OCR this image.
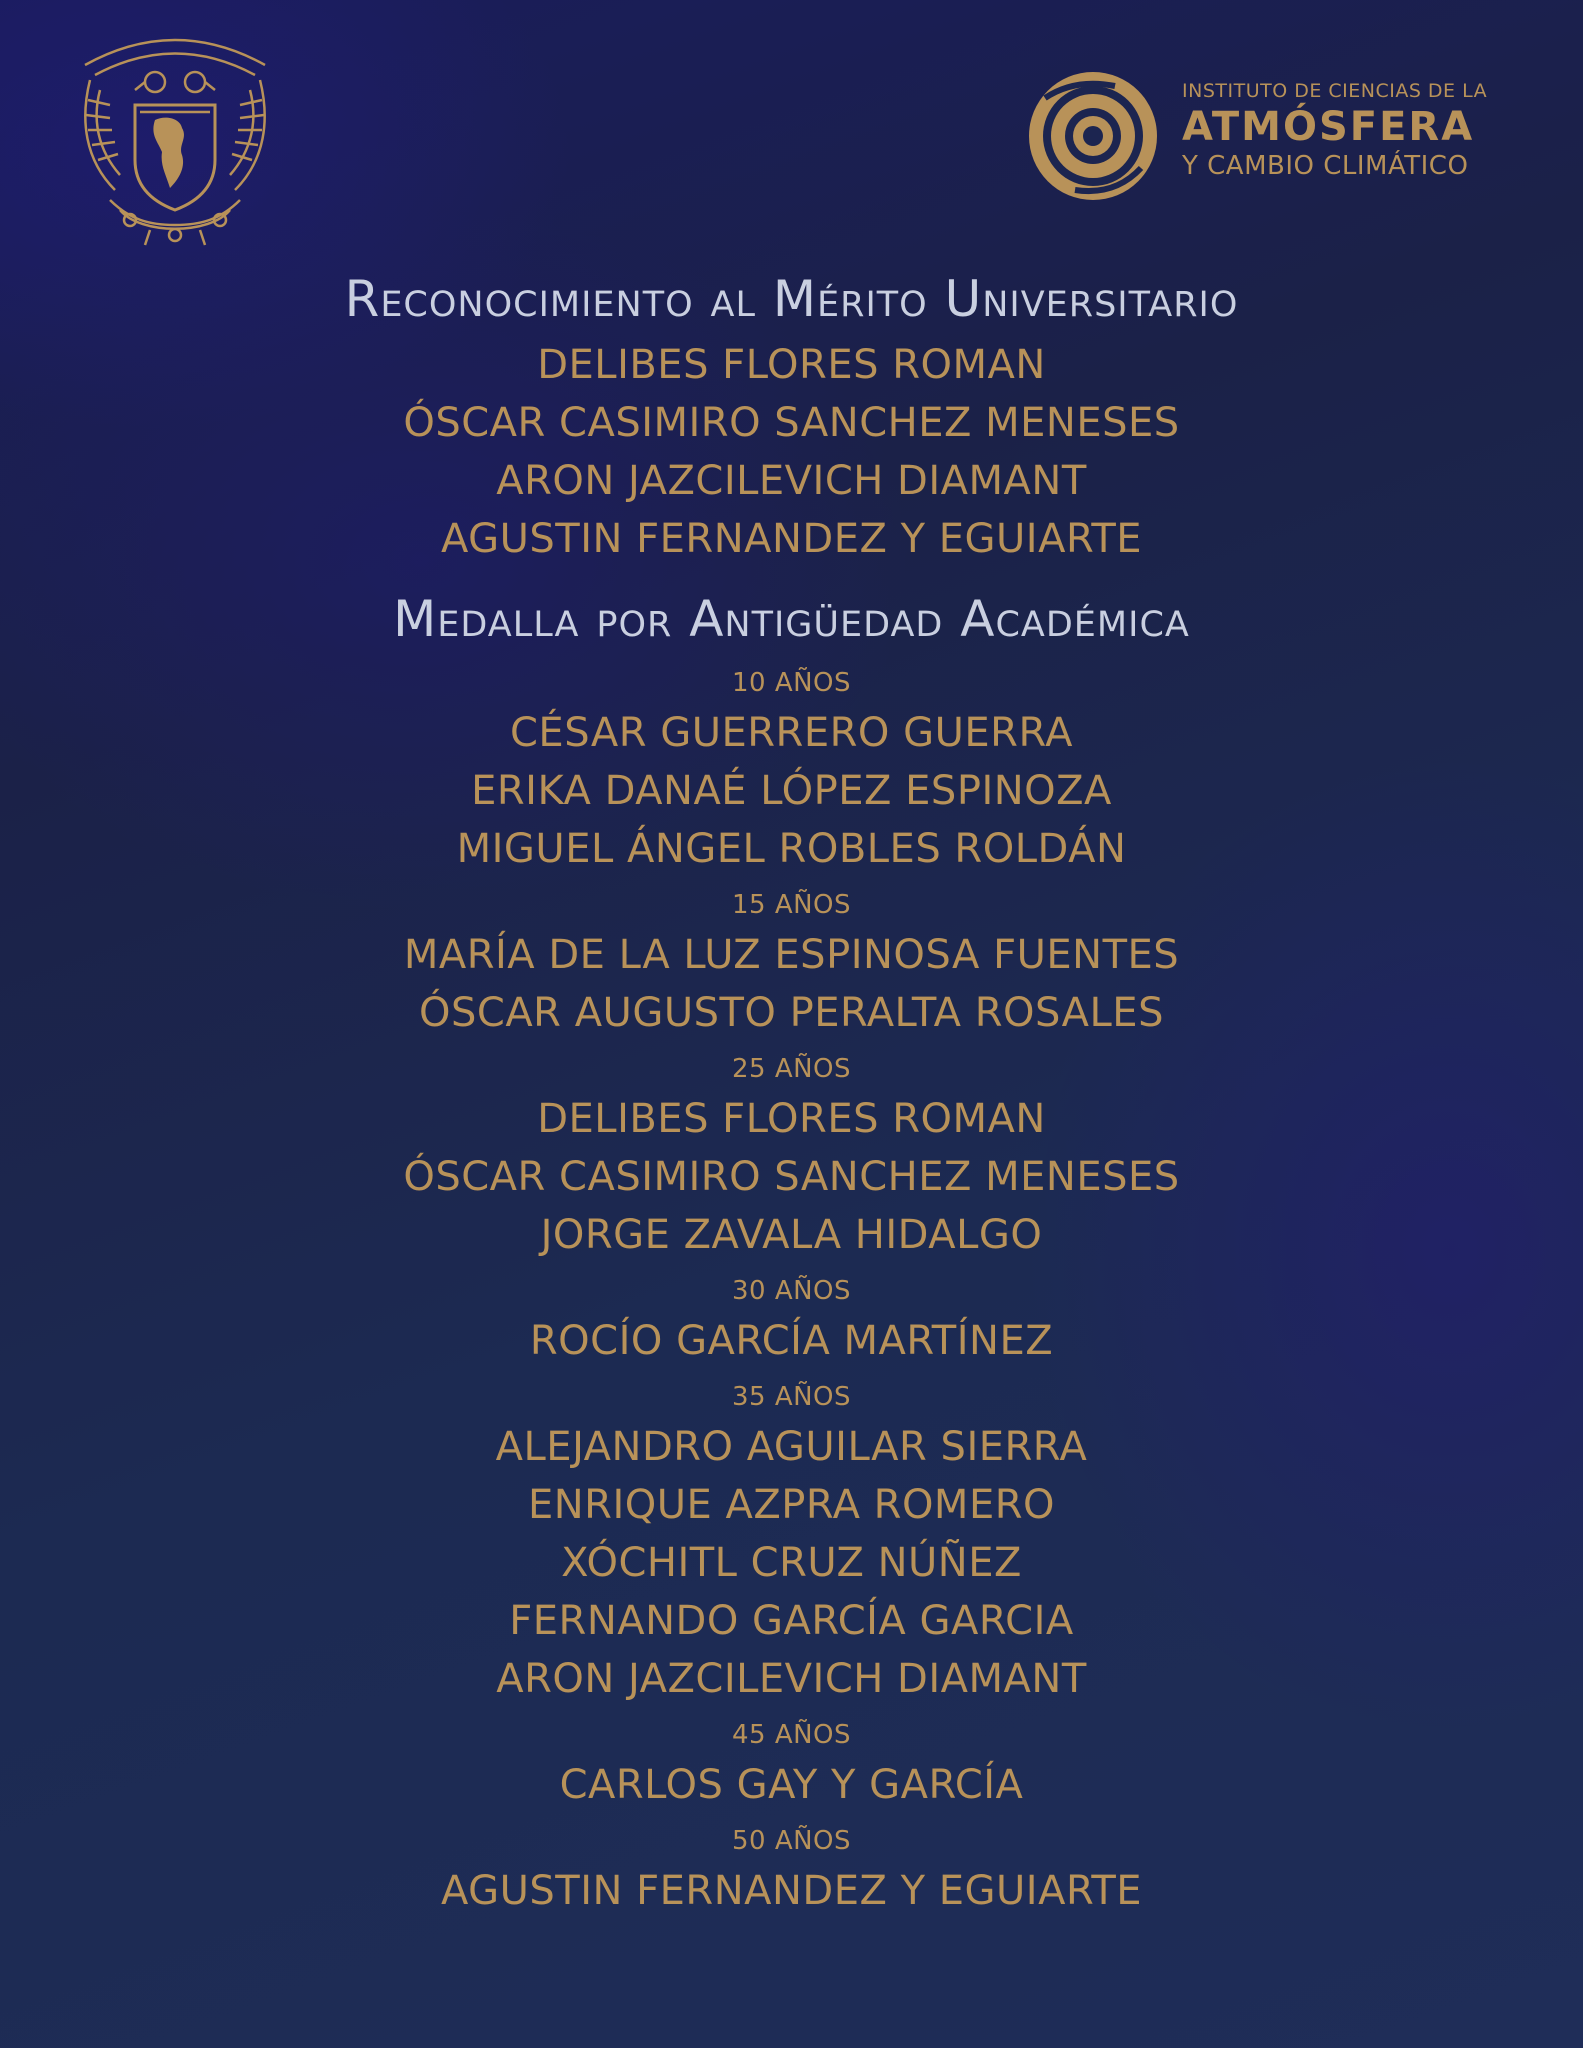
INSTITUTO DE CIENCIAS DE LA
ATMÓSFERA
Y CAMBIO CLIMÁTICO
Reconocimiento al Mérito Universitario

DELIBES FLORES ROMAN

ÓSCAR CASIMIRO SANCHEZ MENESES

ARON JAZCILEVICH DIAMANT

AGUSTIN FERNANDEZ Y EGUIARTE

Medalla por Antigüedad Académica
10 AÑOS

CÉSAR GUERRERO GUERRA

ERIKA DANAÉ LÓPEZ ESPINOZA

MIGUEL ÁNGEL ROBLES ROLDÁN

15 AÑOS

MARÍA DE LA LUZ ESPINOSA FUENTES

ÓSCAR AUGUSTO PERALTA ROSALES

25 AÑOS

DELIBES FLORES ROMAN

ÓSCAR CASIMIRO SANCHEZ MENESES

JORGE ZAVALA HIDALGO

30 AÑOS

ROCÍO GARCÍA MARTÍNEZ

35 AÑOS

ALEJANDRO AGUILAR SIERRA

ENRIQUE AZPRA ROMERO

XÓCHITL CRUZ NÚÑEZ

FERNANDO GARCÍA GARCIA

ARON JAZCILEVICH DIAMANT

45 AÑOS

CARLOS GAY Y GARCÍA

50 AÑOS

AGUSTIN FERNANDEZ Y EGUIARTE
